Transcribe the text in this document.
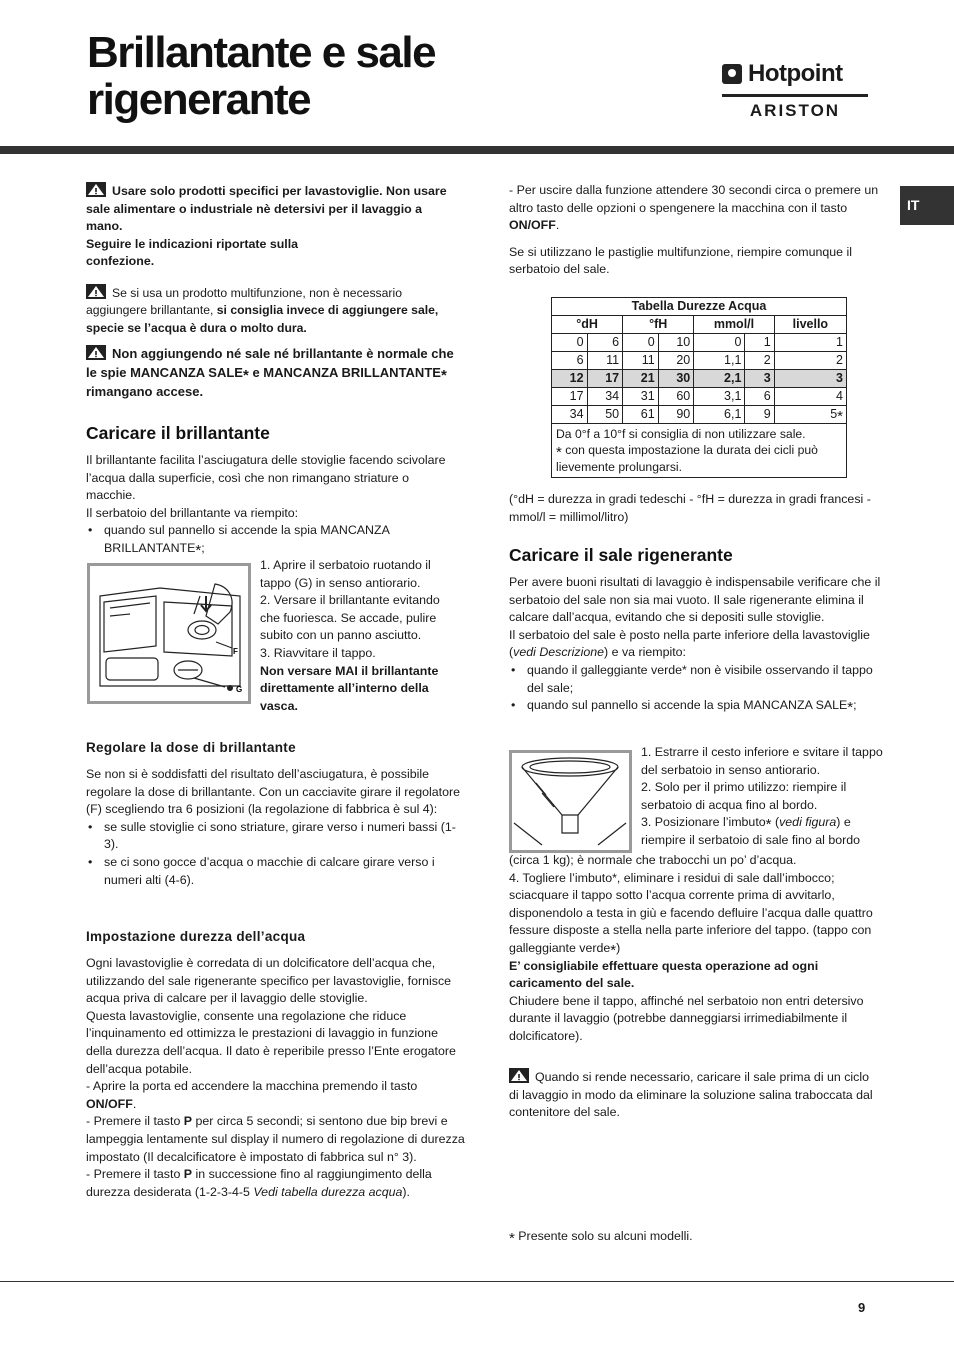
Brillantante e sale
rigenerante
Hotpoint
ARISTON
IT

Usare solo prodotti specifici per lavastoviglie. Non usare sale alimentare o industriale nè detersivi per il lavaggio a mano.

Seguire le indicazioni riportate sulla confezione.

Se si usa un prodotto multifunzione, non è necessario aggiungere brillantante, si consiglia invece di aggiungere sale, specie se l’acqua è dura o molto dura.

Non aggiungendo né sale né brillantante è normale che le spie MANCANZA SALE* e MANCANZA BRILLANTANTE* rimangano accese.

Caricare il brillantante

Il brillantante facilita l’asciugatura delle stoviglie facendo scivolare l’acqua dalla superficie, così che non rimangano striature o macchie.

Il serbatoio del brillantante va riempito:

• quando sul pannello si accende la spia MANCANZA BRILLANTANTE*;
F
G

1. Aprire il serbatoio ruotando il tappo (G) in senso antiorario.

2. Versare il brillantante evitando che fuoriesca. Se accade, pulire subito con un panno asciutto.

3. Riavvitare il tappo.

Non versare MAI il brillantante direttamente all’interno della vasca.

Regolare la dose di brillantante

Se non si è soddisfatti del risultato dell’asciugatura, è possibile regolare la dose di brillantante. Con un cacciavite girare il regolatore (F) scegliendo tra 6 posizioni (la regolazione di fabbrica è sul 4):

• se sulle stoviglie ci sono striature, girare verso i numeri bassi (1-3).
• se ci sono gocce d’acqua o macchie di calcare girare verso i numeri alti (4-6).
Impostazione durezza dell’acqua

Ogni lavastoviglie è corredata di un dolcificatore dell’acqua che, utilizzando del sale rigenerante specifico per lavastoviglie, fornisce acqua priva di calcare per il lavaggio delle stoviglie.

Questa lavastoviglie, consente una regolazione che riduce l’inquinamento ed ottimizza le prestazioni di lavaggio in funzione della durezza dell’acqua. Il dato è reperibile presso l’Ente erogatore dell’acqua potabile.

- Aprire la porta ed accendere la macchina premendo il tasto ON/OFF.

- Premere il tasto P per circa 5 secondi; si sentono due bip brevi e lampeggia lentamente sul display il numero di regolazione di durezza impostato (Il decalcificatore è impostato di fabbrica sul n° 3).

- Premere il tasto P in successione fino al raggiungimento della durezza desiderata (1-2-3-4-5 Vedi tabella durezza acqua).

- Per uscire dalla funzione attendere 30 secondi circa o premere un altro tasto delle opzioni o spengenere la macchina con il tasto ON/OFF.

Se si utilizzano le pastiglie multifunzione, riempire comunque il serbatoio del sale.

Tabella Durezze Acqua						
°dH		°fH		mmol/l		livello
0	6	0	10	0	1	1
6	11	11	20	1,1	2	2
12	17	21	30	2,1	3	3
17	34	31	60	3,1	6	4
34	50	61	90	6,1	9	5*
Da 0°f a 10°f si consiglia di non utilizzare sale.
* con questa impostazione la durata dei cicli può lievemente prolungarsi.						
(°dH = durezza in gradi tedeschi - °fH = durezza in gradi francesi - mmol/l = millimol/litro)
Caricare il sale rigenerante

Per avere buoni risultati di lavaggio è indispensabile verificare che il serbatoio del sale non sia mai vuoto. Il sale rigenerante elimina il calcare dall’acqua, evitando che si depositi sulle stoviglie.

Il serbatoio del sale è posto nella parte inferiore della lavastoviglie (vedi Descrizione) e va riempito:

• quando il galleggiante verde* non è visibile osservando il tappo del sale;
• quando sul pannello si accende la spia MANCANZA SALE*;

1. Estrarre il cesto inferiore e svitare il tappo del serbatoio in senso antiorario.

2. Solo per il primo utilizzo: riempire il serbatoio di acqua fino al bordo.

3. Posizionare l’imbuto* (vedi figura) e riempire il serbatoio di sale fino al bordo

(circa 1 kg); è normale che trabocchi un po’ d’acqua.

4. Togliere l’imbuto*, eliminare i residui di sale dall’imboccο; sciacquare il tappo sotto l’acqua corrente prima di avvitarlo, disponendolo a testa in giù e facendo defluire l’acqua dalle quattro fessure disposte a stella nella parte inferiore del tappo. (tappo con galleggiante verde*)

E’ consigliabile effettuare questa operazione ad ogni caricamento del sale.

Chiudere bene il tappo, affinché nel serbatoio non entri detersivo durante il lavaggio (potrebbe danneggiarsi irrimediabilmente il dolcificatore).

Quando si rende necessario, caricare il sale prima di un ciclo di lavaggio in modo da eliminare la soluzione salina traboccata dal contenitore del sale.

* Presente solo su alcuni modelli.

9
